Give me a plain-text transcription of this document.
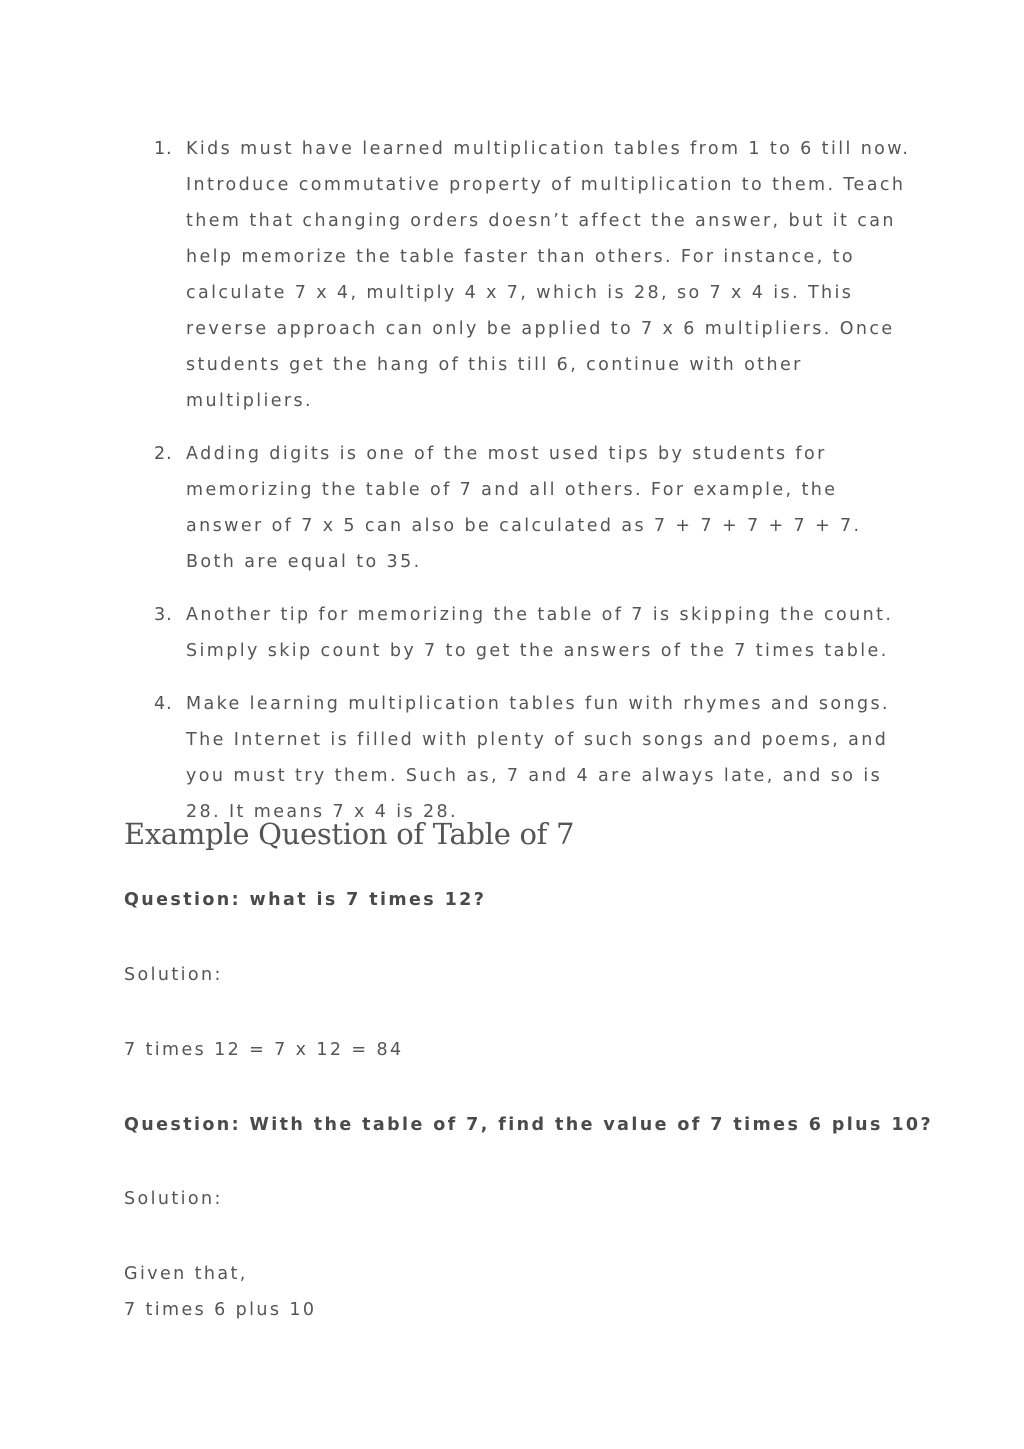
1. Kids must have learned multiplication tables from 1 to 6 till now. Introduce commutative property of multiplication to them. Teach them that changing orders doesn’t affect the answer, but it can help memorize the table faster than others. For instance, to calculate 7 x 4, multiply 4 x 7, which is 28, so 7 x 4 is. This reverse approach can only be applied to 7 x 6 multipliers. Once students get the hang of this till 6, continue with other multipliers.
2. Adding digits is one of the most used tips by students for memorizing the table of 7 and all others. For example, the answer of 7 x 5 can also be calculated as 7 + 7 + 7 + 7 + 7. Both are equal to 35.
3. Another tip for memorizing the table of 7 is skipping the count. Simply skip count by 7 to get the answers of the 7 times table.
4. Make learning multiplication tables fun with rhymes and songs. The Internet is filled with plenty of such songs and poems, and you must try them. Such as, 7 and 4 are always late, and so is 28. It means 7 x 4 is 28.
Example Question of Table of 7

Question: what is 7 times 12?

Solution:

7 times 12 = 7 x 12 = 84

Question: With the table of 7, find the value of 7 times 6 plus 10?

Solution:

Given that,

7 times 6 plus 10
